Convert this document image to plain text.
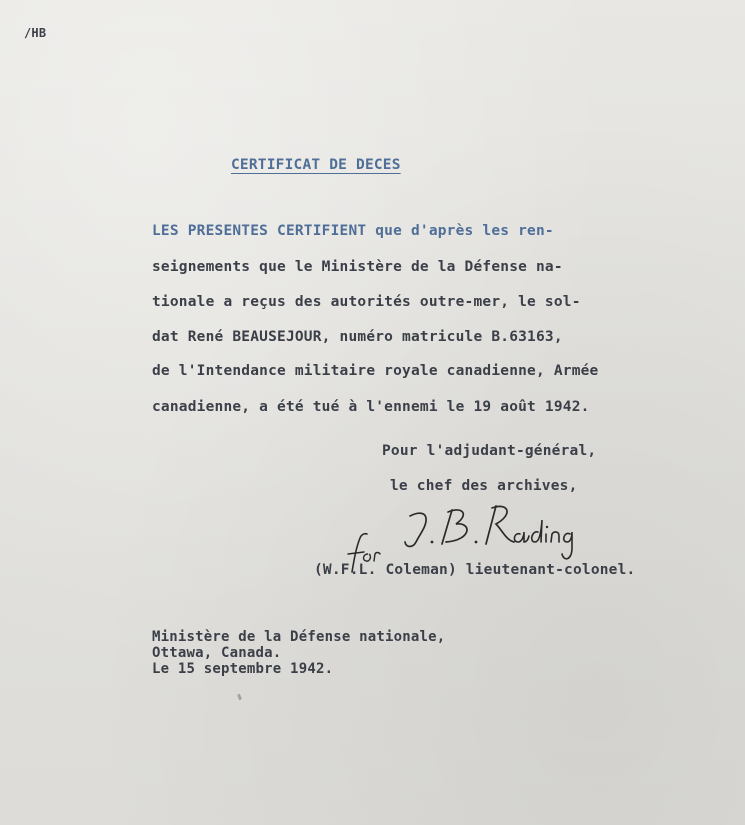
/HB
CERTIFICAT DE DECES
LES PRESENTES CERTIFIENT que d'après les ren-
seignements que le Ministère de la Défense na-
tionale a reçus des autorités outre-mer, le sol-
dat René BEAUSEJOUR, numéro matricule B.63163,
de l'Intendance militaire royale canadienne, Armée
canadienne, a été tué à l'ennemi le 19 août 1942.
Pour l'adjudant-général,
le chef des archives,
(W.F.L. Coleman) lieutenant-colonel.
Ministère de la Défense nationale,
Ottawa, Canada.
Le 15 septembre 1942.
